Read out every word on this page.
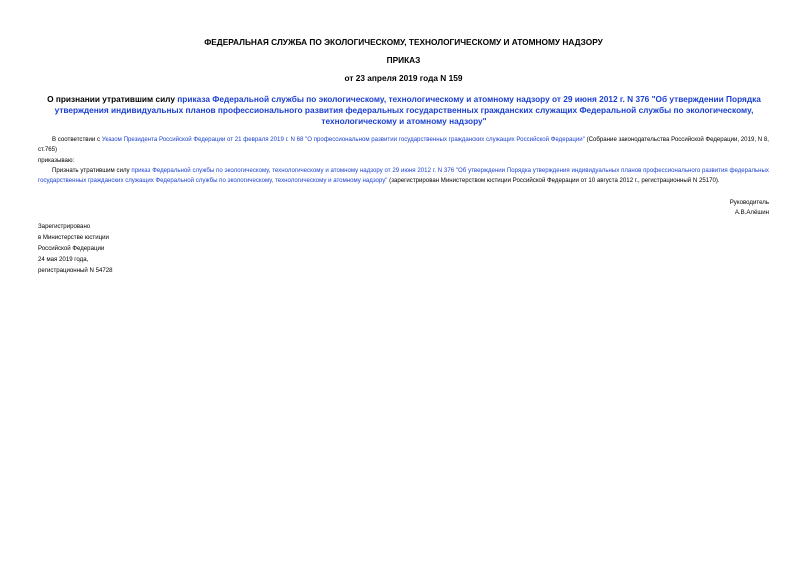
ФЕДЕРАЛЬНАЯ СЛУЖБА ПО ЭКОЛОГИЧЕСКОМУ, ТЕХНОЛОГИЧЕСКОМУ И АТОМНОМУ НАДЗОРУ
ПРИКАЗ
от 23 апреля 2019 года N 159
О признании утратившим силу приказа Федеральной службы по экологическому, технологическому и атомному надзору от 29 июня 2012 г. N 376 "Об утверждении Порядка утверждения индивидуальных планов профессионального развития федеральных государственных гражданских служащих Федеральной службы по экологическому, технологическому и атомному надзору"
В соответствии с Указом Президента Российской Федерации от 21 февраля 2019 г. N 68 "О профессиональном развитии государственных гражданских служащих Российской Федерации" (Собрание законодательства Российской Федерации, 2019, N 8, ст.765)
приказываю:
Признать утратившим силу приказ Федеральной службы по экологическому, технологическому и атомному надзору от 29 июня 2012 г. N 376 "Об утверждении Порядка утверждения индивидуальных планов профессионального развития федеральных государственных гражданских служащих Федеральной службы по экологическому, технологическому и атомному надзору" (зарегистрирован Министерством юстиции Российской Федерации от 10 августа 2012 г., регистрационный N 25170).
Руководитель
А.В.Алёшин
Зарегистрировано
в Министерстве юстиции
Российской Федерации
24 мая 2019 года,
регистрационный N 54728
